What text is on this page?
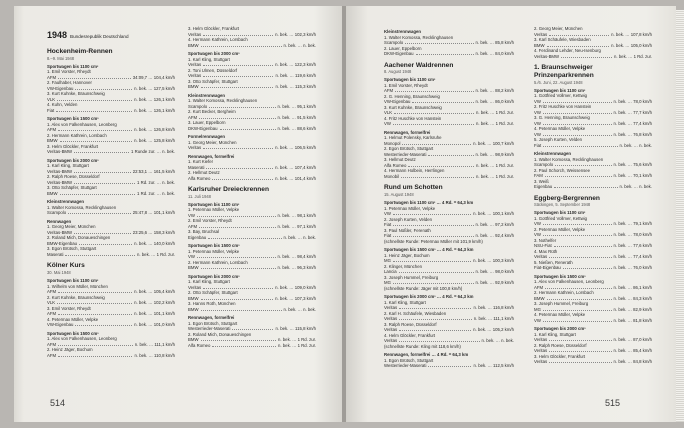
1948 Bundesrepublik Deutschland
Hockenheim-Rennen
8.–9. Mai 1948
Sportwagen bis 1100 cm³
1. Emil Vorster, Rheydt
AFM	34:09,7 … 104,4 km/h
2. Faulhaber, Hannover
VW-Eigenbau	n. bek. … 127,5 km/h
3. Kurt Kuhnke, Braunschweig
VLK	n. bek. … 126,1 km/h
4. Kuhn, Velden
Fiat	n. bek. … 126,1 km/h
Sportwagen bis 1500 cm³
1. Alex von Falkenhausen, Leonberg
AFM	n. bek. … 126,8 km/h
2. Hermann Kathrein, Lorsbach
BMW	n. bek. … 125,8 km/h
3. Helm Glöckler, Frankfurt
Veritas-BMW	1 Runde zur. … n. bek.
Sportwagen bis 2000 cm³
1. Karl Kling, Stuttgart
Veritas-BMW	22:53,1 … 161,5 km/h
2. Ralph Roese, Düsseldorf
Veritas-BMW	1 Rd. zur. … n. bek.
3. Otto Schäpfer, Stuttgart
BMW	1 Rd. zur. … n. bek.
Kleinstrennwagen
1. Walter Komossa, Recklinghausen
Scampolo	25:47,8 … 101,1 km/h
Rennwagen
1. Georg Meier, München
Veritas-BMW	23:25,6 … 158,3 km/h
2. Roland Mich, Donaueschingen
BMW-Eigenbau	n. bek. … 140,0 km/h
3. Egon Brütsch, Stuttgart
Maserati	n. bek. … 1 Rd. zur.
Kölner Kurs
30. Mai 1948
Sportwagen bis 1100 cm³
1. Wilhelm von Müller, München
AFM	n. bek. … 105,4 km/h
2. Kurt Kuhnke, Braunschweig
VLK	n. bek. … 102,2 km/h
3. Emil Vorster, Rheydt
AFM	n. bek. … 101,1 km/h
4. Petermax Müller, Velpke
VW-Eigenbau	n. bek. … 101,0 km/h
Sportwagen bis 1500 cm³
1. Alex von Falkenhausen, Leonberg
AFM	n. bek. … 111,1 km/h
2. Heinz Jäger, Bochum
AFM	n. bek. … 110,8 km/h
3. Helm Glöckler, Frankfurt
Veritas	n. bek. … 102,3 km/h
4. Hermann Kathrein, Lorsbach
BMW	n. bek. … n. bek.
Sportwagen bis 2000 cm³
1. Karl Kling, Stuttgart
Veritas	n. bek. … 122,3 km/h
2. Toni Ulmen, Düsseldorf
Veritas	n. bek. … 119,6 km/h
3. Otto Schäpfer, Stuttgart
BMW	n. bek. … 115,3 km/h
Kleinstrennwagen
1. Walter Komossa, Recklinghausen
Scampolo	n. bek. … 95,1 km/h
2. Kurt Becker, Bergheim
AFM	n. bek. … 91,5 km/h
3. Lauer, Eppelborn
DKW-Eigenbau	n. bek. … 88,6 km/h
Formelrennwagen
1. Georg Meier, München
Veritas	n. bek. … 106,5 km/h
Rennwagen, formelfrei
1. Kurt Kiefer
Maserati	n. bek. … 107,4 km/h
2. Hellmut Deutz
Alfa Romeo	n. bek. … 101,4 km/h
Karlsruher Dreieckrennen
11. Juli 1948
Sportwagen bis 1100 cm³
1. Petermax Müller, Velpke
VW	n. bek. … 98,1 km/h
2. Emil Vorster, Rheydt
AFM	n. bek. … 97,1 km/h
3. Bay, Bruchsal
Eigenbau	n. bek. … n. bek.
Sportwagen bis 1500 cm³
1. Petermax Müller, Velpke
VW	n. bek. … 98,4 km/h
2. Hermann Kathrein, Lorsbach
BMW	n. bek. … 96,3 km/h
Sportwagen bis 2000 cm³
1. Karl Kling, Stuttgart
Veritas	n. bek. … 109,0 km/h
2. Otto Schäpfer, Stuttgart
BMW	n. bek. … 107,3 km/h
3. Hanns Roth, München
BMW	n. bek. … n. bek.
Rennwagen, formelfrei
1. Egon Brütsch, Stuttgart
Westerrieder-Maserati	n. bek. … 115,8 km/h
2. Roland Mich, Donaueschingen
BMW	n. bek. … 1 Rd. zur.
Alfa Romeo	n. bek. … 1 Rd. zur.
514
Kleinstrennwagen
1. Walter Komossa, Recklinghausen
Scampolo	n. bek. … 85,8 km/h
2. Lauer, Eppelborn
DKW-Eigenbau	n. bek. … 84,0 km/h
Aachener Waldrennen
8. August 1948
Sportwagen bis 1100 cm³
1. Emil Vorster, Rheydt
AFM	n. bek. … 88,2 km/h
2. G. Henning, Braunschweig
VW-Eigenbau	n. bek. … 86,0 km/h
3. Kurt Kuhnke, Braunschweig
VLK	n. bek. … 1 Rd. zur.
4. Fritz Huschke von Hanstein
VW	n. bek. … 1 Rd. zur.
Rennwagen, formelfrei
1. Helmut Polensky, Karlsruhe
Monopol	n. bek. … 100,7 km/h
2. Egon Brütsch, Stuttgart
Westerrieder-Maserati	n. bek. … 98,9 km/h
3. Hellmut Deutz
Alfa Romeo	n. bek. … 1 Rd. zur.
4. Hermann Holbein, Herrlingen
Monobil	n. bek. … 1 Rd. zur.
Rund um Schotten
15. August 1948
Sportwagen bis 1100 cm³ … 4 Rd. = 64,3 km
1. Petermax Müller, Velpke
VW	n. bek. … 100,1 km/h
2. Joseph Kurten, Velden
Fiat	n. bek. … 97,2 km/h
3. Paul Nüßler, Ferenath
Fiat	n. bek. … 92,4 km/h
(schnellste Runde: Petermax Müller mit 101,9 km/h)
Sportwagen bis 1500 cm³ … 4 Rd. = 64,3 km
1. Heinz Jäger, Bochum
MG	n. bek. … 100,3 km/h
2. Klinger, München
Lancia	n. bek. … 98,0 km/h
3. Joseph Hummel, Freiburg
MG	n. bek. … 92,9 km/h
(schnellste Runde: Jäger mit 100,8 km/h)
Sportwagen bis 2000 cm³ … 4 Rd. = 64,3 km
1. Karl Kling, Stuttgart
Veritas	n. bek. … 116,8 km/h
2. Karl H. Schäufele, Wiesbaden
Veritas	n. bek. … 111,1 km/h
3. Ralph Roese, Düsseldorf
Veritas	n. bek. … 105,2 km/h
4. Helm Glöckler, Frankfurt
Veritas	n. bek. … n. bek.
(schnellste Runde: Kling mit 118,6 km/h)
Rennwagen, formelfrei … 4 Rd. = 64,3 km
1. Egon Brütsch, Stuttgart
Westerrieder-Maserati	n. bek. … 112,5 km/h
2. Georg Meier, München
Veritas	n. bek. … 107,8 km/h
3. Karl Schäufele, Wiesbaden
BMW	n. bek. … 105,0 km/h
4. Ferdinand Lehder, Neu-Isenburg
Veritas-BMW	n. bek. … 1 Rd. zur.
1. Braunschweiger Prinzenparkrennen
5./6. Juni, 22. August 1948
Sportwagen bis 1100 cm³
1. Gottfried Vollmer, Kettwig
VW	n. bek. … 78,0 km/h
2. Fritz Huschke von Hanstein
VW	n. bek. … 77,7 km/h
3. G. Henning, Braunschweig
VW	n. bek. … 77,4 km/h
4. Petermax Müller, Velpke
VW	n. bek. … 76,8 km/h
5. Joseph Kurten, Velden
Fiat	n. bek. … n. bek.
Kleinstrennwagen
1. Walter Komossa, Recklinghausen
Scampolo	n. bek. … 75,6 km/h
2. Paul Schorch, Weissensee
FAM	n. bek. … 70,1 km/h
3. Weiß
Eigenbau	n. bek. … n. bek.
Eggberg-Bergrennen
Säckingen, 5. September 1948
Sportwagen bis 1100 cm³
1. Gottfried Vollmer, Kettwig
VW	n. bek. … 79,1 km/h
2. Petermax Müller, Velpke
VW	n. bek. … 78,0 km/h
3. Nothelfer
NSU-Fiat	n. bek. … 77,6 km/h
4. Max Rüth
Veritas	n. bek. … 77,4 km/h
5. Nießen, Renerath
Fiat-Eigenbau	n. bek. … 76,0 km/h
Sportwagen bis 1500 cm³
1. Alex von Falkenhausen, Leonberg
AFM	n. bek. … 86,1 km/h
2. Hermann Kathrein, Lorsbach
BMW	n. bek. … 84,3 km/h
3. Joseph Hummel, Freiburg
MG	n. bek. … 82,9 km/h
4. Petermax Müller, Velpke
VW	n. bek. … 81,8 km/h
Sportwagen bis 2000 cm³
1. Karl Kling, Stuttgart
Veritas	n. bek. … 87,0 km/h
2. Ralph Roese, Düsseldorf
Veritas	n. bek. … 85,4 km/h
3. Helm Glöckler, Frankfurt
Veritas	n. bek. … 84,8 km/h
515
